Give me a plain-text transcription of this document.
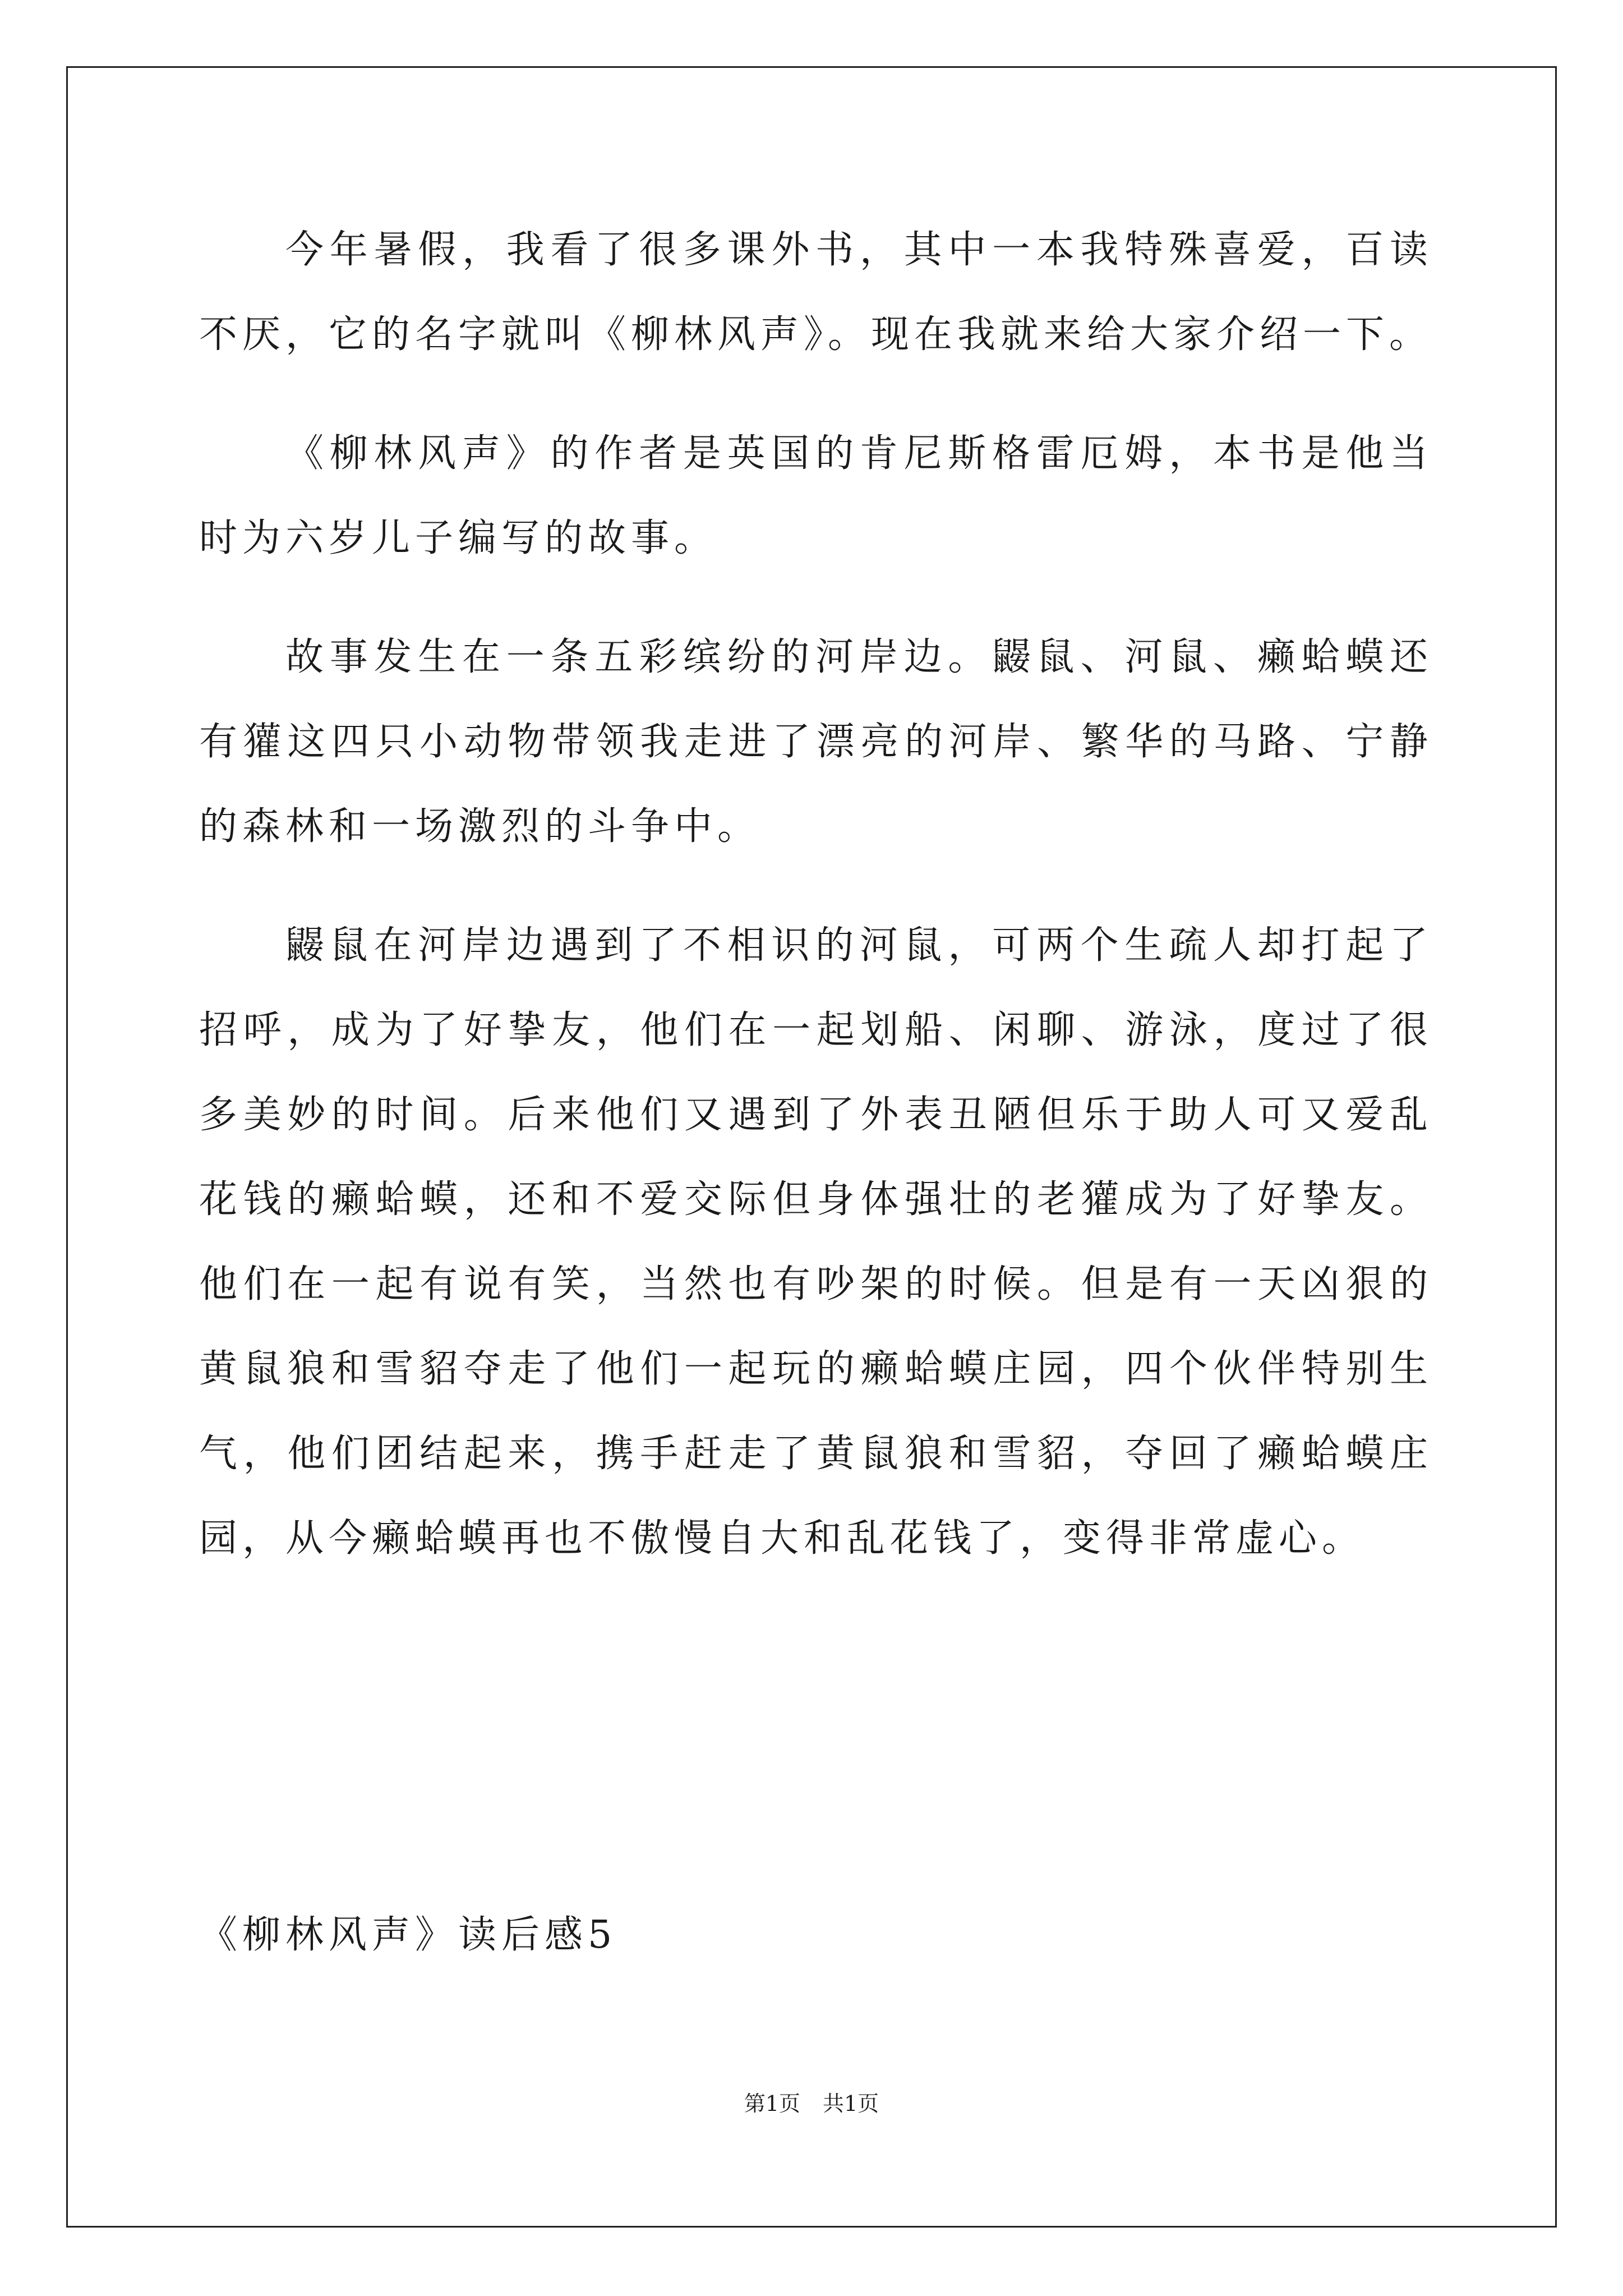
今年暑假，我看了很多课外书，其中一本我特殊喜爱，百读不厌，它的名字就叫《柳林风声》。现在我就来给大家介绍一下。

《柳林风声》的作者是英国的肯尼斯格雷厄姆，本书是他当时为六岁儿子编写的故事。

故事发生在一条五彩缤纷的河岸边。鼹鼠、河鼠、癞蛤蟆还有獾这四只小动物带领我走进了漂亮的河岸、繁华的马路、宁静的森林和一场激烈的斗争中。

鼹鼠在河岸边遇到了不相识的河鼠，可两个生疏人却打起了招呼，成为了好挚友，他们在一起划船、闲聊、游泳，度过了很多美妙的时间。后来他们又遇到了外表丑陋但乐于助人可又爱乱花钱的癞蛤蟆，还和不爱交际但身体强壮的老獾成为了好挚友。他们在一起有说有笑，当然也有吵架的时候。但是有一天凶狠的黄鼠狼和雪貂夺走了他们一起玩的癞蛤蟆庄园，四个伙伴特别生气，他们团结起来，携手赶走了黄鼠狼和雪貂，夺回了癞蛤蟆庄园，从今癞蛤蟆再也不傲慢自大和乱花钱了，变得非常虚心。

《柳林风声》读后感5
第1页 共1页
